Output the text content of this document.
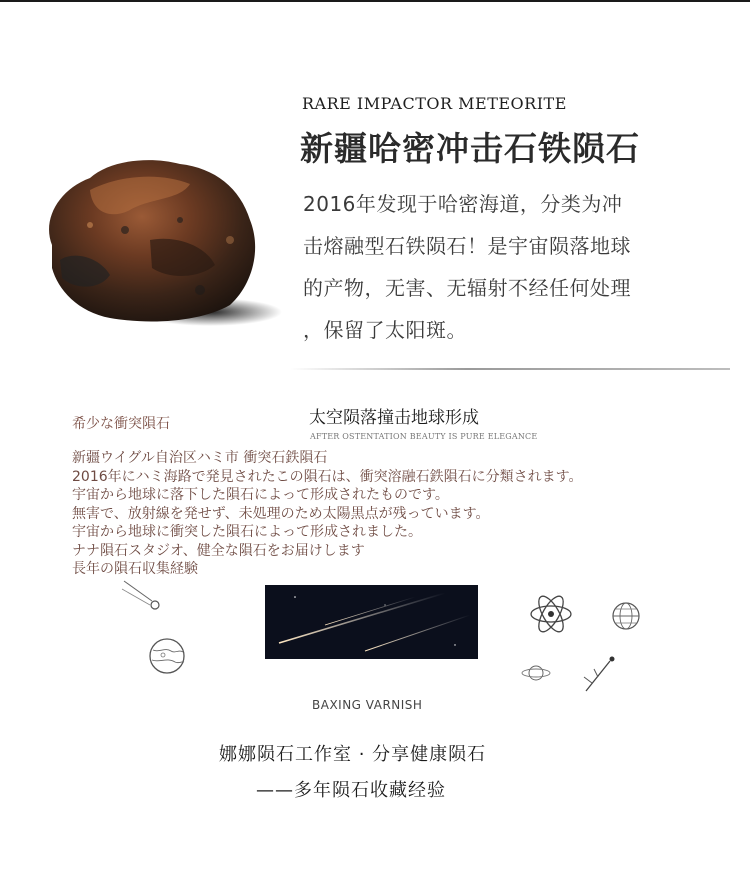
RARE IMPACTOR METEORITE
新疆哈密冲击石铁陨石
2016年发现于哈密海道，分类为冲
击熔融型石铁陨石！是宇宙陨落地球
的产物，无害、无辐射不经任何处理
，保留了太阳斑。
希少な衝突隕石	太空陨落撞击地球形成
AFTER OSTENTATION BEAUTY IS PURE ELEGANCE
新疆ウイグル自治区ハミ市 衝突石鉄隕石
2016年にハミ海路で発見されたこの隕石は、衝突溶融石鉄隕石に分類されます。
宇宙から地球に落下した隕石によって形成されたものです。
無害で、放射線を発せず、未処理のため太陽黒点が残っています。
宇宙から地球に衝突した隕石によって形成されました。
ナナ隕石スタジオ、健全な隕石をお届けします
長年の隕石収集経験
BAXING VARNISH
娜娜陨石工作室 · 分享健康陨石
——多年陨石收藏经验
